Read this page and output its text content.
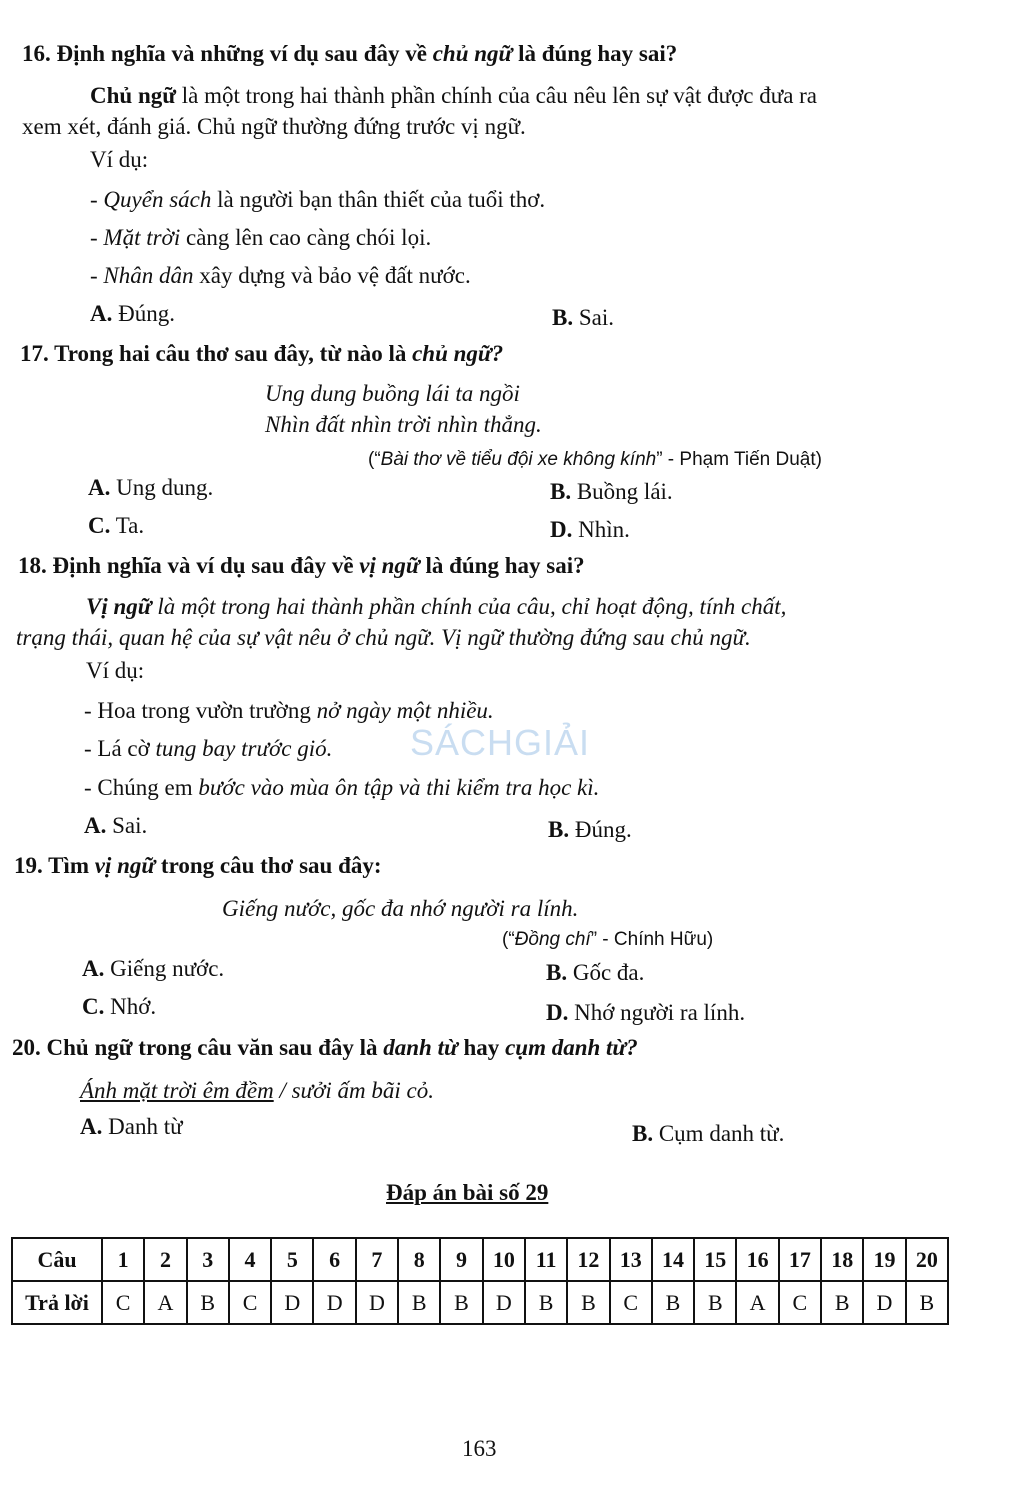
16. Định nghĩa và những ví dụ sau đây về chủ ngữ là đúng hay sai?
Chủ ngữ là một trong hai thành phần chính của câu nêu lên sự vật được đưa ra
xem xét, đánh giá. Chủ ngữ thường đứng trước vị ngữ.
Ví dụ:
- Quyển sách là người bạn thân thiết của tuổi thơ.
- Mặt trời càng lên cao càng chói lọi.
- Nhân dân xây dựng và bảo vệ đất nước.
A. Đúng.	B. Sai.
17. Trong hai câu thơ sau đây, từ nào là chủ ngữ?
Ung dung buồng lái ta ngồi
Nhìn đất nhìn trời nhìn thẳng.
(“Bài thơ về tiểu đội xe không kính” - Phạm Tiến Duật)
A. Ung dung.	B. Buồng lái.
C. Ta.	D. Nhìn.
18. Định nghĩa và ví dụ sau đây về vị ngữ là đúng hay sai?
Vị ngữ là một trong hai thành phần chính của câu, chỉ hoạt động, tính chất,
trạng thái, quan hệ của sự vật nêu ở chủ ngữ. Vị ngữ thường đứng sau chủ ngữ.
Ví dụ:
- Hoa trong vườn trường nở ngày một nhiều.
- Lá cờ tung bay trước gió.
- Chúng em bước vào mùa ôn tập và thi kiểm tra học kì.
A. Sai.	B. Đúng.
SÁCHGIẢI
19. Tìm vị ngữ trong câu thơ sau đây:
Giếng nước, gốc đa nhớ người ra lính.
(“Đồng chí” - Chính Hữu)
A. Giếng nước.	B. Gốc đa.
C. Nhớ.	D. Nhớ người ra lính.
20. Chủ ngữ trong câu văn sau đây là danh từ hay cụm danh từ?
Ánh mặt trời êm đềm / sưởi ấm bãi cỏ.
A. Danh từ	B. Cụm danh từ.
Đáp án bài số 29
Câu	1	2	3	4	5	6	7	8	9	10	11	12	13	14	15	16	17	18	19	20
Trả lời	C	A	B	C	D	D	D	B	B	D	B	B	C	B	B	A	C	B	D	B
163
